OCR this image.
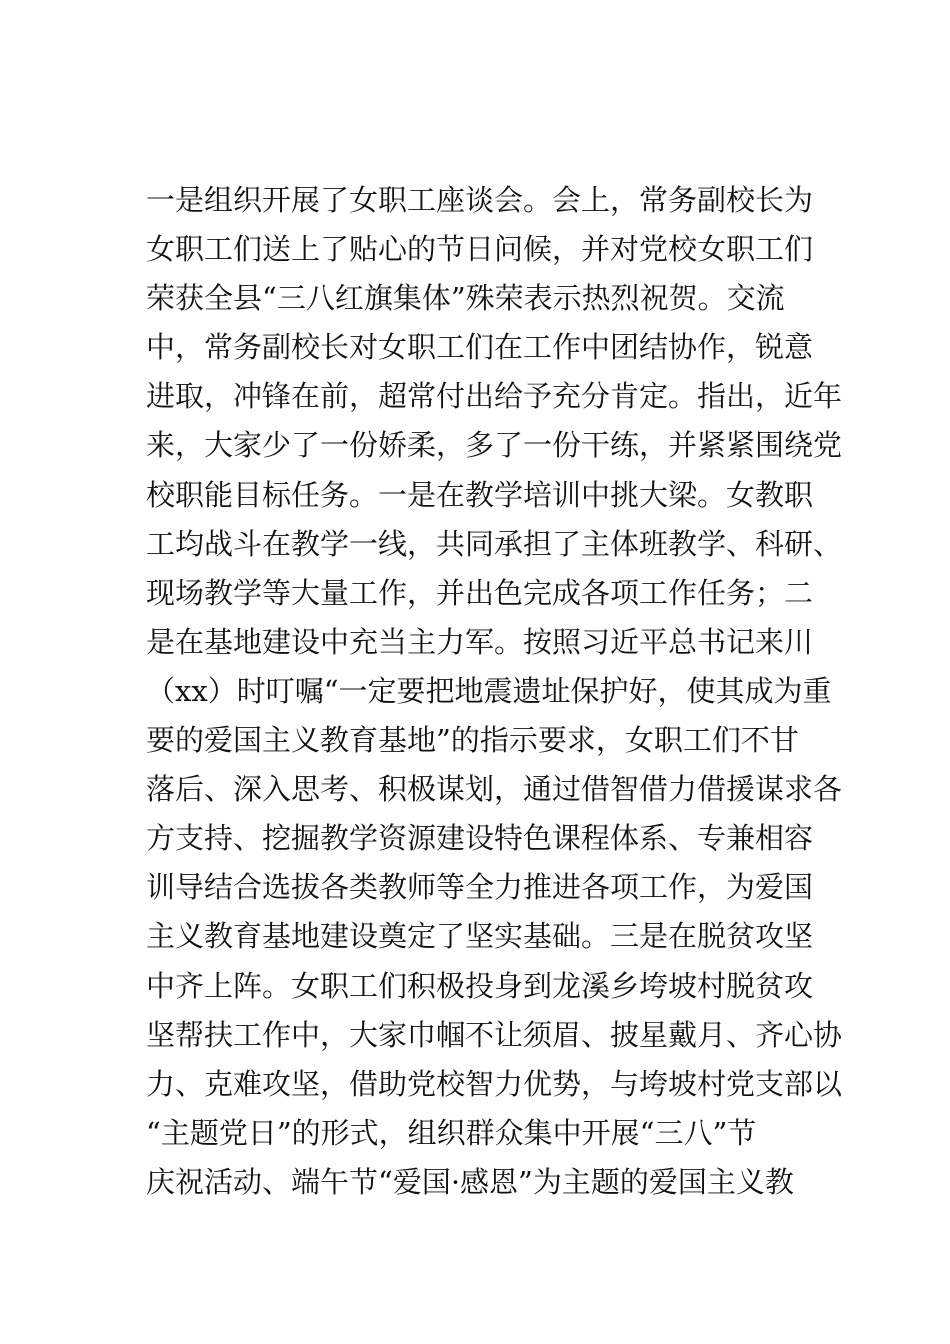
一是组织开展了女职工座谈会。会上，常务副校长为
女职工们送上了贴心的节日问候，并对党校女职工们
荣获全县“三八红旗集体”殊荣表示热烈祝贺。交流
中，常务副校长对女职工们在工作中团结协作，锐意
进取，冲锋在前，超常付出给予充分肯定。指出，近年
来，大家少了一份娇柔，多了一份干练，并紧紧围绕党
校职能目标任务。一是在教学培训中挑大梁。女教职
工均战斗在教学一线，共同承担了主体班教学、科研、
现场教学等大量工作，并出色完成各项工作任务；二
是在基地建设中充当主力军。按照习近平总书记来川
（xx）时叮嘱“一定要把地震遗址保护好，使其成为重
要的爱国主义教育基地”的指示要求，女职工们不甘
落后、深入思考、积极谋划，通过借智借力借援谋求各
方支持、挖掘教学资源建设特色课程体系、专兼相容
训导结合选拔各类教师等全力推进各项工作，为爱国
主义教育基地建设奠定了坚实基础。三是在脱贫攻坚
中齐上阵。女职工们积极投身到龙溪乡垮坡村脱贫攻
坚帮扶工作中，大家巾帼不让须眉、披星戴月、齐心协
力、克难攻坚，借助党校智力优势，与垮坡村党支部以
“主题党日”的形式，组织群众集中开展“三八”节
庆祝活动、端午节“爱国·感恩”为主题的爱国主义教
